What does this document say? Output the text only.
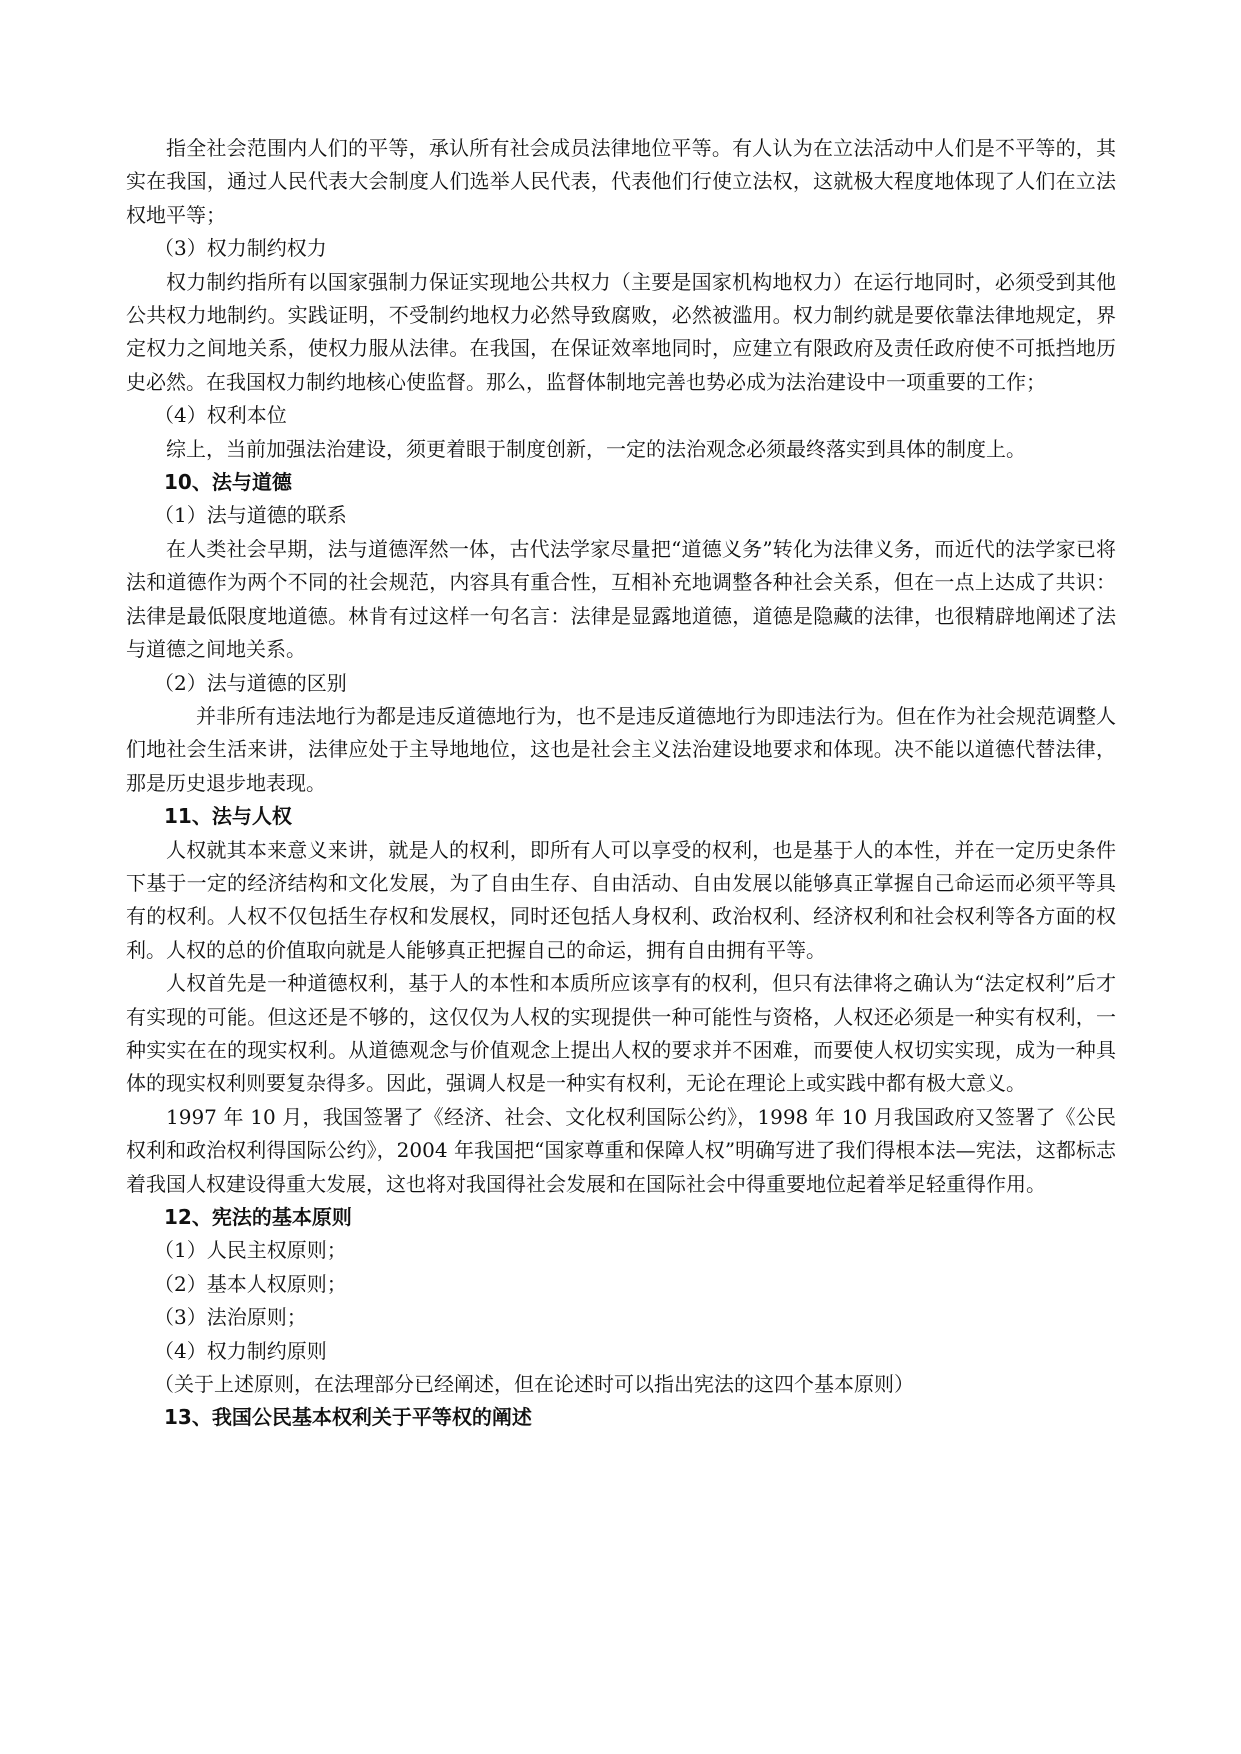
指全社会范围内人们的平等，承认所有社会成员法律地位平等。有人认为在立法活动中人们是不平等的，其实在我国，通过人民代表大会制度人们选举人民代表，代表他们行使立法权，这就极大程度地体现了人们在立法权地平等；

（3）权力制约权力

权力制约指所有以国家强制力保证实现地公共权力（主要是国家机构地权力）在运行地同时，必须受到其他公共权力地制约。实践证明，不受制约地权力必然导致腐败，必然被滥用。权力制约就是要依靠法律地规定，界定权力之间地关系，使权力服从法律。在我国，在保证效率地同时，应建立有限政府及责任政府使不可抵挡地历史必然。在我国权力制约地核心使监督。那么，监督体制地完善也势必成为法治建设中一项重要的工作；

（4）权利本位

综上，当前加强法治建设，须更着眼于制度创新，一定的法治观念必须最终落实到具体的制度上。

10、法与道德

（1）法与道德的联系

在人类社会早期，法与道德浑然一体，古代法学家尽量把“道德义务”转化为法律义务，而近代的法学家已将法和道德作为两个不同的社会规范，内容具有重合性，互相补充地调整各种社会关系，但在一点上达成了共识：法律是最低限度地道德。林肯有过这样一句名言：法律是显露地道德，道德是隐藏的法律，也很精辟地阐述了法与道德之间地关系。

（2）法与道德的区别

并非所有违法地行为都是违反道德地行为，也不是违反道德地行为即违法行为。但在作为社会规范调整人们地社会生活来讲，法律应处于主导地地位，这也是社会主义法治建设地要求和体现。决不能以道德代替法律，那是历史退步地表现。

11、法与人权

人权就其本来意义来讲，就是人的权利，即所有人可以享受的权利，也是基于人的本性，并在一定历史条件下基于一定的经济结构和文化发展，为了自由生存、自由活动、自由发展以能够真正掌握自己命运而必须平等具有的权利。人权不仅包括生存权和发展权，同时还包括人身权利、政治权利、经济权利和社会权利等各方面的权利。人权的总的价值取向就是人能够真正把握自己的命运，拥有自由拥有平等。

人权首先是一种道德权利，基于人的本性和本质所应该享有的权利，但只有法律将之确认为“法定权利”后才有实现的可能。但这还是不够的，这仅仅为人权的实现提供一种可能性与资格，人权还必须是一种实有权利，一种实实在在的现实权利。从道德观念与价值观念上提出人权的要求并不困难，而要使人权切实实现，成为一种具体的现实权利则要复杂得多。因此，强调人权是一种实有权利，无论在理论上或实践中都有极大意义。

1997 年 10 月，我国签署了《经济、社会、文化权利国际公约》，1998 年 10 月我国政府又签署了《公民权利和政治权利得国际公约》，2004 年我国把“国家尊重和保障人权”明确写进了我们得根本法—宪法，这都标志着我国人权建设得重大发展，这也将对我国得社会发展和在国际社会中得重要地位起着举足轻重得作用。

12、宪法的基本原则

（1）人民主权原则；

（2）基本人权原则；

（3）法治原则；

（4）权力制约原则

（关于上述原则，在法理部分已经阐述，但在论述时可以指出宪法的这四个基本原则）

13、我国公民基本权利关于平等权的阐述
